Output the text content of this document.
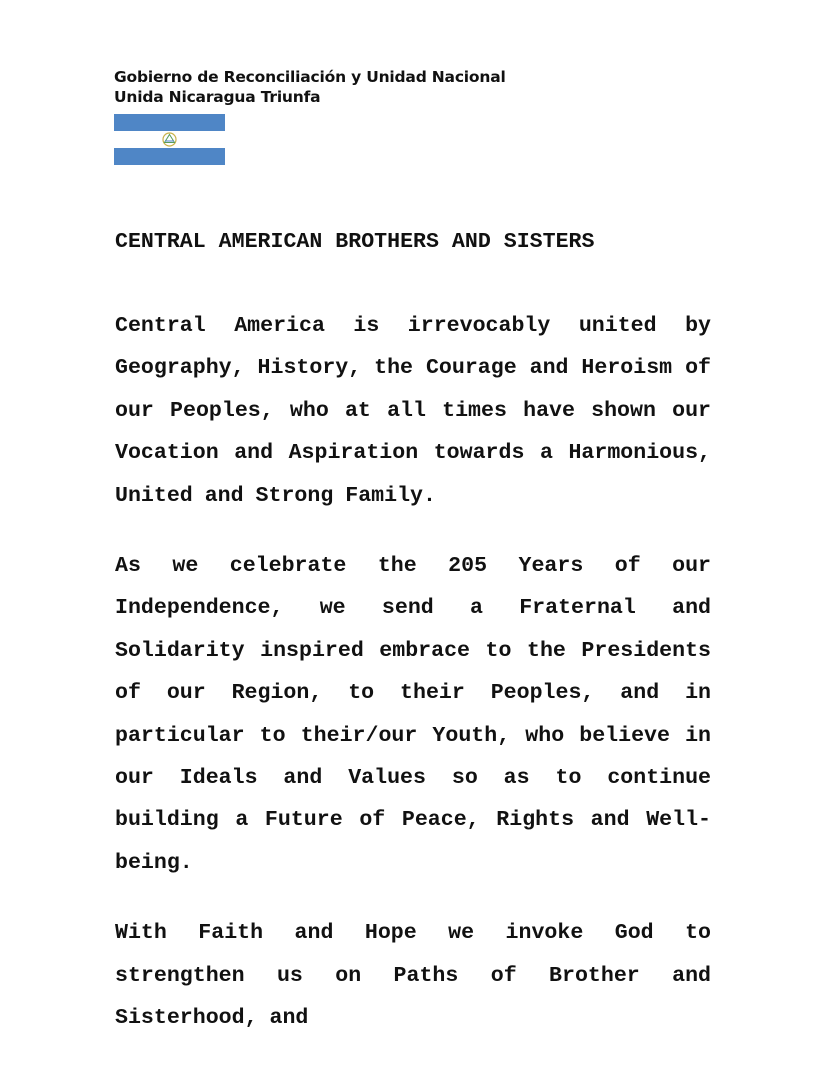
Gobierno de Reconciliación y Unidad Nacional
Unida Nicaragua Triunfa
CENTRAL AMERICAN BROTHERS AND SISTERS

Central America is irrevocably united by Geography, History, the Courage and Heroism of our Peoples, who at all times have shown our Vocation and Aspiration towards a Harmonious, United and Strong Family.

As we celebrate the 205 Years of our Independence, we send a Fraternal and Solidarity inspired embrace to the Presidents of our Region, to their Peoples, and in particular to their/our Youth, who believe in our Ideals and Values so as to continue building a Future of Peace, Rights and Well-being.

With Faith and Hope we invoke God to strengthen us on Paths of Brother and Sisterhood, and
